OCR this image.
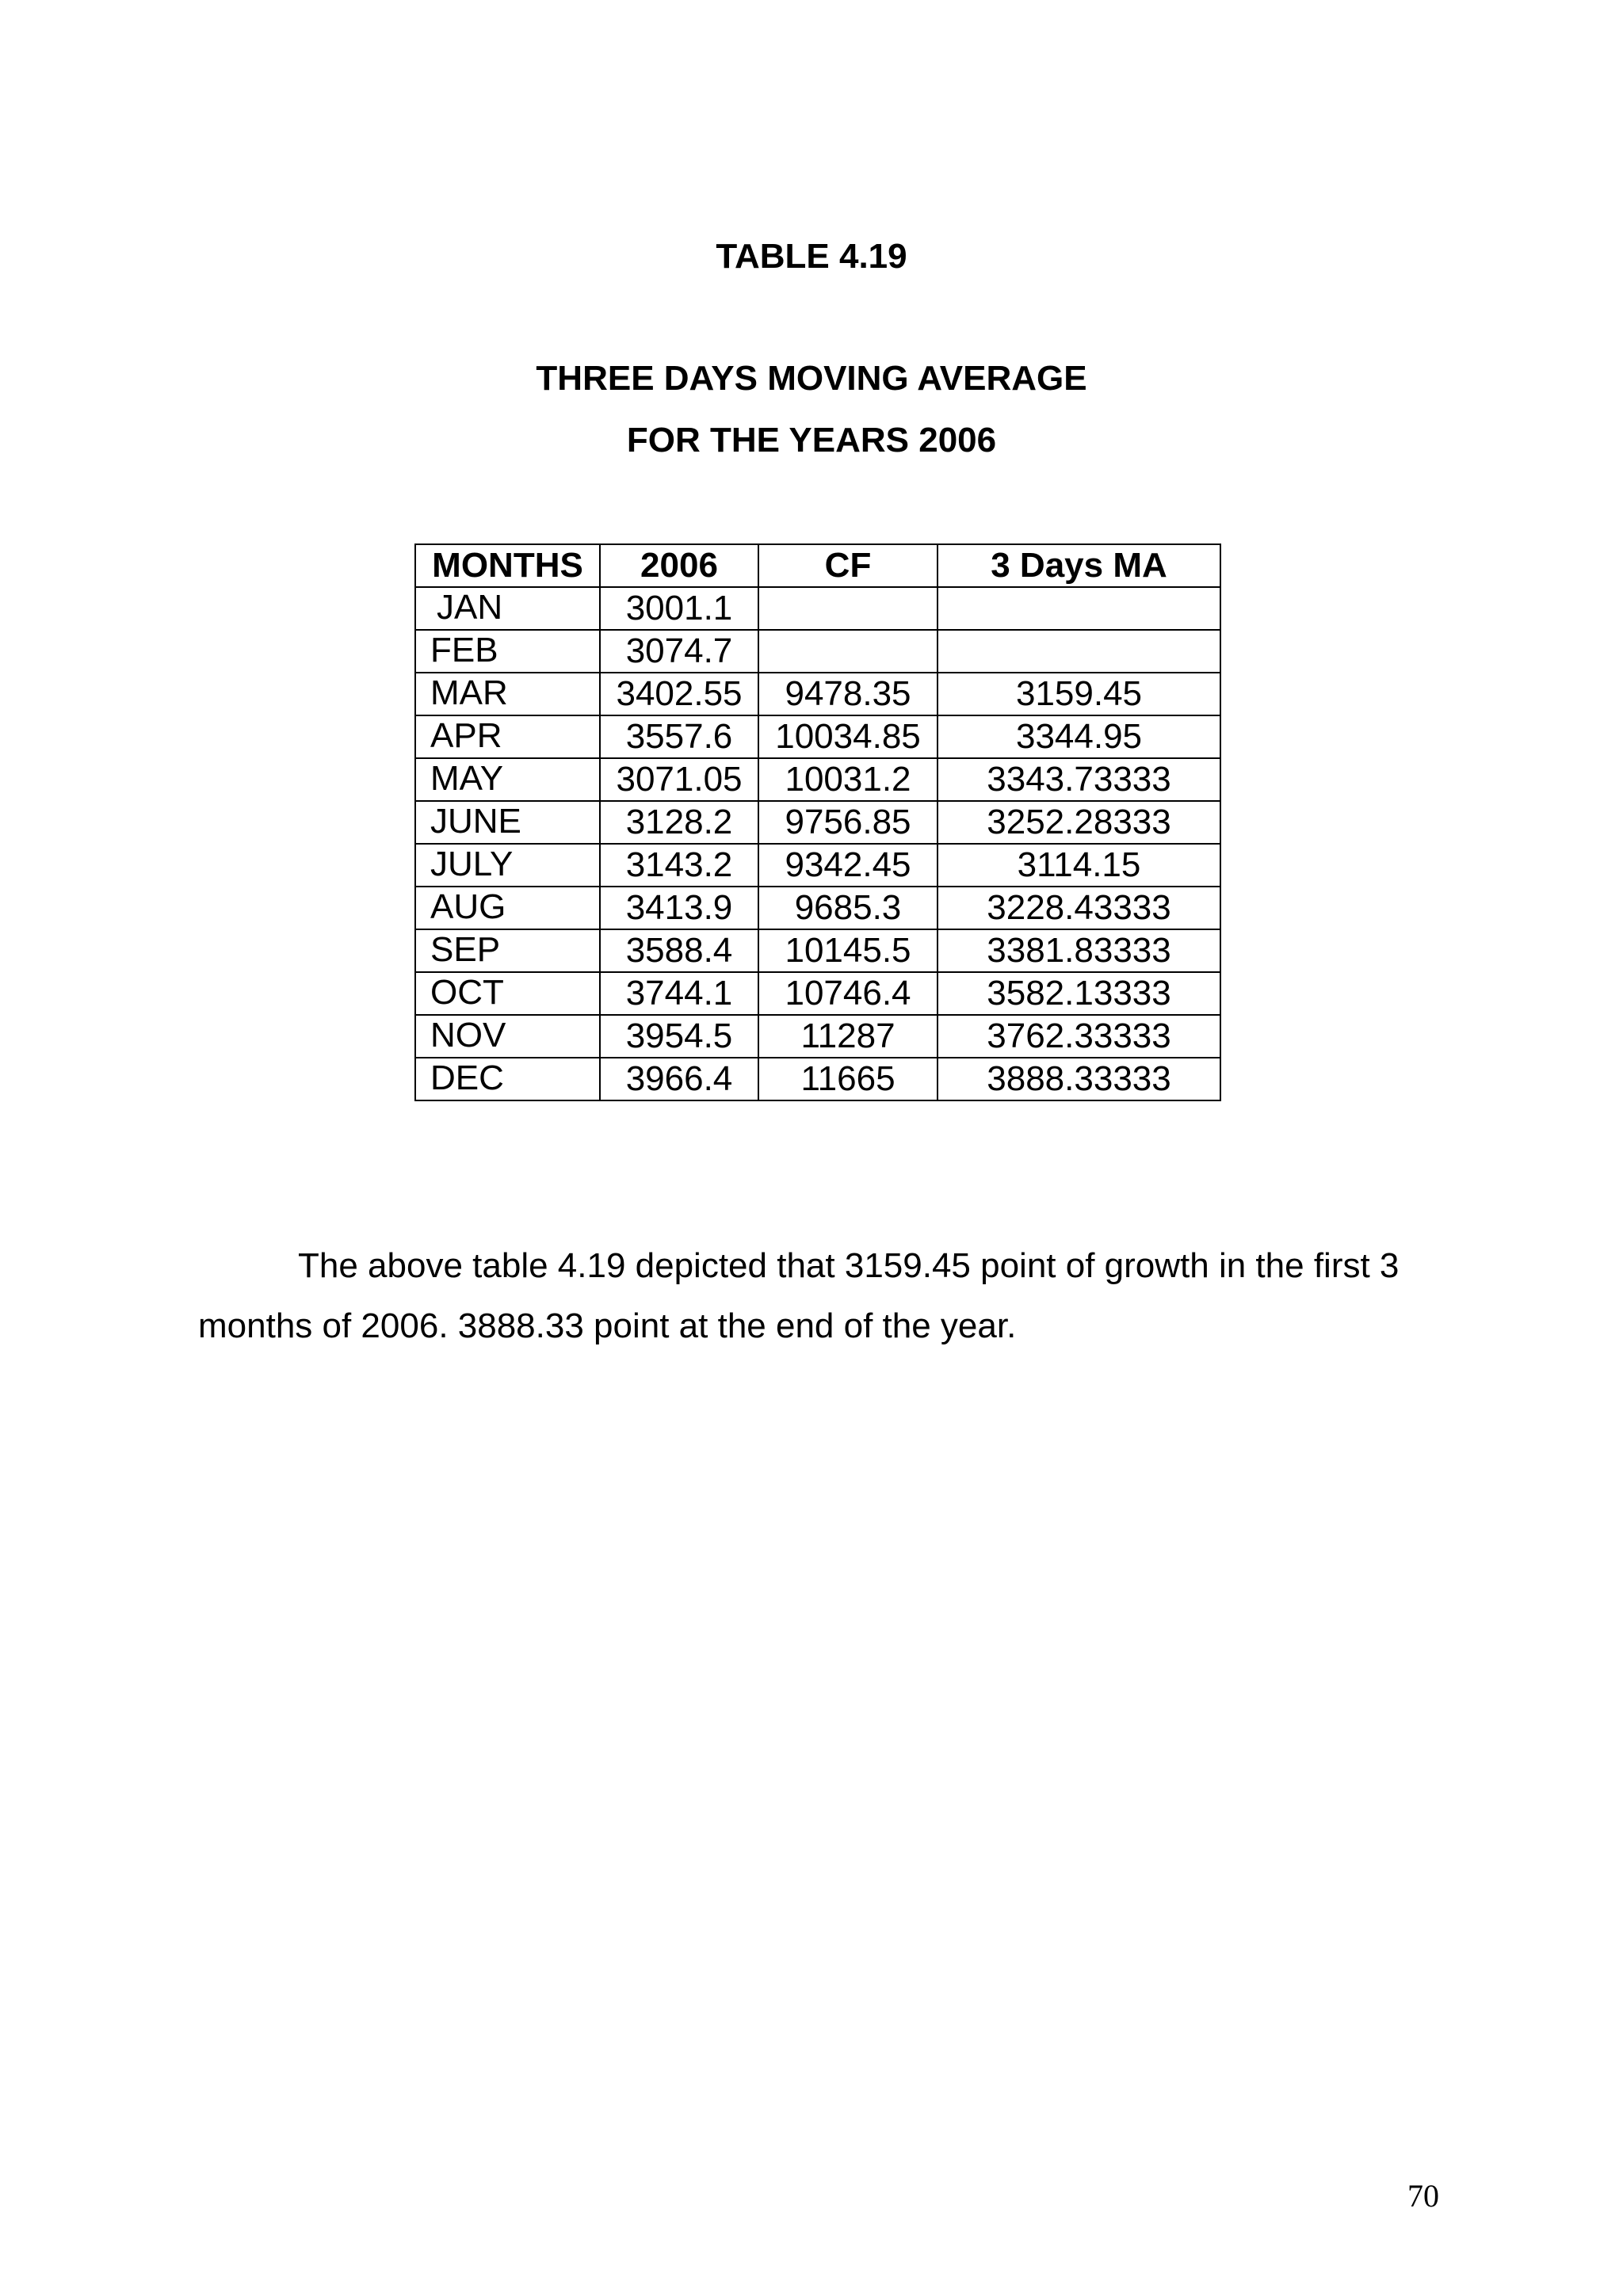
TABLE 4.19
THREE DAYS MOVING AVERAGE
FOR THE YEARS 2006
MONTHS	2006	CF	3 Days MA
JAN	3001.1		
FEB	3074.7		
MAR	3402.55	9478.35	3159.45
APR	3557.6	10034.85	3344.95
MAY	3071.05	10031.2	3343.73333
JUNE	3128.2	9756.85	3252.28333
JULY	3143.2	9342.45	3114.15
AUG	3413.9	9685.3	3228.43333
SEP	3588.4	10145.5	3381.83333
OCT	3744.1	10746.4	3582.13333
NOV	3954.5	11287	3762.33333
DEC	3966.4	11665	3888.33333

The above table 4.19 depicted that 3159.45 point of growth in the first 3 months of 2006. 3888.33 point at the end of the year.

70
